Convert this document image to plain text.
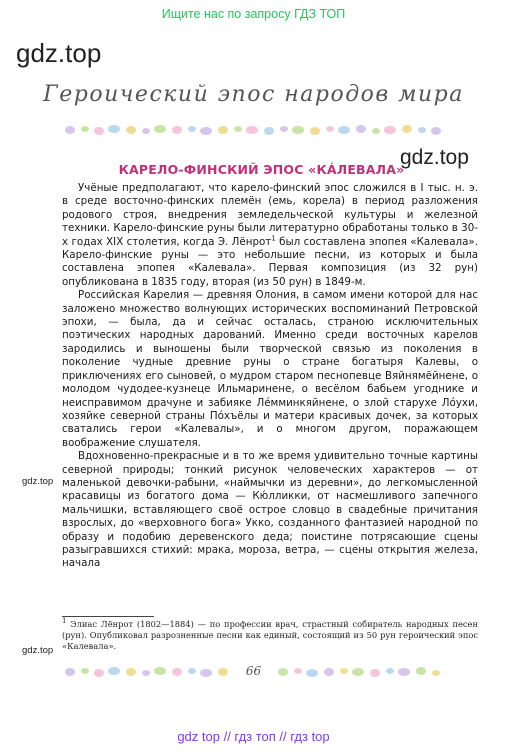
Ищите нас по запросу ГДЗ ТОП
gdz.top
Героический эпос народов мира
КАРЕЛО-ФИНСКИЙ ЭПОС «КÁЛЕВАЛА»
gdz.top

Учёные предполагают, что карело-финский эпос сложился в I тыс. н. э. в среде восточно-финских племён (емь, корела) в период разложения родового строя, внедрения земледельческой культуры и железной техники. Карело-финские руны были литературно обработаны только в 30-х годах XIX столетия, когда Э. Лёнрот$^1$ был составлена эпопея «Калевала». Карело-финские руны — это небольшие песни, из которых и была составлена эпопея «Калевала». Первая композиция (из 32 рун) опубликована в 1835 году, вторая (из 50 рун) в 1849-м.

Российская Карелия — древняя Олония, в самом имени которой для нас заложено множество волнующих исторических воспоминаний Петровской эпохи, — была, да и сейчас осталась, страною исключительных поэтических народных дарований. Именно среди восточных карелов зародились и выношены были творческой связью из поколения в поколение чудные древние руны о стране богатыря Калевы, о приключениях его сыновей, о мудром старом песнопевце Вяйнямёйнене, о молодом чудодее-кузнеце Ильмаринене, о весёлом бабьем угоднике и неисправимом драчуне и забияке Лéмминкяйнене, о злой старухе Лóухи, хозяйке северной страны Пóхъёлы и матери красивых дочек, за которых сватались герои «Калевалы», и о многом другом, поражающем воображение слушателя.

Вдохновенно-прекрасные и в то же время удивительно точные картины северной природы; тонкий рисунок человеческих характеров — от маленькой девочки-рабыни, «наймычки из деревни», до легкомысленной красавицы из богатого дома — Кю́лликки, от насмешливого запечного мальчишки, вставляющего своё острое словцо в свадебные причитания взрослых, до «верховного бога» Укко, созданного фантазией народной по образу и подобию деревенского деда; поистине потрясающие сцены разыгравшихся стихий: мрака, мороза, ветра, — сцены открытия железа, начала

gdz.top
$^1$ Элиас Лёнрот (1802—1884) — по профессии врач, страстный собиратель народных песен (рун). Опубликовал разрозненные песни как единый, состоящий из 50 рун героический эпос «Калевала».
gdz.top
66
gdz top // гдз топ // гдз top
